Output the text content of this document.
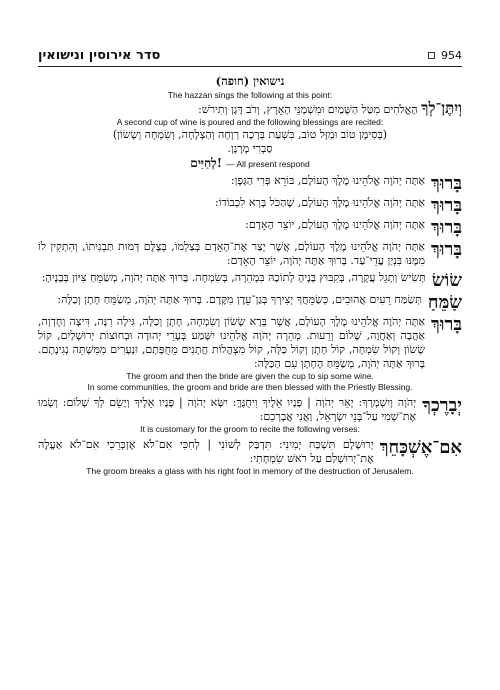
סדר אירוסין ונישואין	954
נישואין (חופה)
The hazzan sings the following at this point:
וְיִתֶּן־לְךָ הָאֱלֹהִים מִטַּל הַשָּׁמַיִם וּמִשְׁמַנֵּי הָאָרֶץ, וְרֹב דָּגָן וְתִירֹשׁ:
A second cup of wine is poured and the following blessings are recited:
(בְּסִימָן טוֹב וּמַזָּל טוֹב, בִּשְׁעַת בְּרָכָה רְוָחָה וְהַצְלָחָה, וְשִׂמְחָה וְשָׂשׂוֹן)
סַבְרִי מָרָנָן.
לְחַיִּים! — All present respond
בָּרוּךְ
אַתָּה יְהֹוָה אֱלֹהֵינוּ מֶלֶךְ הָעוֹלָם, בּוֹרֵא פְּרִי הַגָּפֶן:
בָּרוּךְ
אַתָּה יְהֹוָה אֱלֹהֵינוּ מֶלֶךְ הָעוֹלָם, שֶׁהַכֹּל בָּרָא לִכְבוֹדוֹ:
בָּרוּךְ
אַתָּה יְהֹוָה אֱלֹהֵינוּ מֶלֶךְ הָעוֹלָם, יוֹצֵר הָאָדָם:
בָּרוּךְ
אַתָּה יְהֹוָה אֱלֹהֵינוּ מֶלֶךְ הָעוֹלָם, אֲשֶׁר יָצַר אֶת־הָאָדָם בְּצַלְמוֹ, בְּצֶלֶם דְּמוּת תַּבְנִיתוֹ, וְהִתְקִין לוֹ מִמֶּנּוּ בִּנְיַן עֲדֵי־עַד. בָּרוּךְ אַתָּה יְהֹוָה, יוֹצֵר הָאָדָם:
שׂוֹשׂ
תָּשִׂישׂ וְתָגֵל עֲקָרָה, בְּקִבּוּץ בָּנֶיהָ לְתוֹכָהּ בִּמְהֵרָה, בְּשִׂמְחָה. בָּרוּךְ אַתָּה יְהֹוָה, מְשַׂמֵּחַ צִיּוֹן בְּבָנֶיהָ:
שַׂמֵּחַ
תְּשַׂמַּח רֵעִים אֲהוּבִים, כְּשַׂמֵּחֲךָ יְצִירְךָ בְּגַן־עֵדֶן מִקֶּדֶם. בָּרוּךְ אַתָּה יְהֹוָה, מְשַׂמֵּחַ חָתָן וְכַלָּה:
בָּרוּךְ
אַתָּה יְהֹוָה אֱלֹהֵינוּ מֶלֶךְ הָעוֹלָם, אֲשֶׁר בָּרָא שָׂשׂוֹן וְשִׂמְחָה, חָתָן וְכַלָּה, גִּילָה רִנָּה, דִּיצָה וְחֶדְוָה, אַהֲבָה וְאַחֲוָה, שָׁלוֹם וְרֵעוּת. מְהֵרָה יְהֹוָה אֱלֹהֵינוּ יִשָּׁמַע בְּעָרֵי יְהוּדָה וּבְחוּצוֹת יְרוּשָׁלַיִם, קוֹל שָׂשׂוֹן וְקוֹל שִׂמְחָה, קוֹל חָתָן וְקוֹל כַּלָּה, קוֹל מִצְהֲלוֹת חֲתָנִים מֵחֻפָּתָם, וּנְעָרִים מִמִּשְׁתֵּה נְגִינָתָם. בָּרוּךְ אַתָּה יְהֹוָה, מְשַׂמֵּחַ הֶחָתָן עִם הַכַּלָּה:
The groom and then the bride are given the cup to sip some wine.
In some communities, the groom and bride are then blessed with the Priestly Blessing.
יְבָרֶכְךָ
יְהֹוָה וְיִשְׁמְרֶךָ: יָאֵר יְהֹוָה | פָּנָיו אֵלֶיךָ וִיחֻנֶּךָּ: יִשָּׂא יְהֹוָה | פָּנָיו אֵלֶיךָ וְיָשֵׂם לְךָ שָׁלוֹם: וְשָׂמוּ אֶת־שְׁמִי עַל־בְּנֵי יִשְׂרָאֵל, וַאֲנִי אֲבָרְכֵם:
It is customary for the groom to recite the following verses:
אִם־אֶשְׁכָּחֵךְ
יְרוּשָׁלָם תִּשְׁכַּח יְמִינִי: תִּדְבַּק לְשׁוֹנִי | לְחִכִּי אִם־לֹא אֶזְכְּרֵכִי אִם־לֹא אַעֲלֶה אֶת־יְרוּשָׁלַם עַל רֹאשׁ שִׂמְחָתִי:
The groom breaks a glass with his right foot in memory of the destruction of Jerusalem.
